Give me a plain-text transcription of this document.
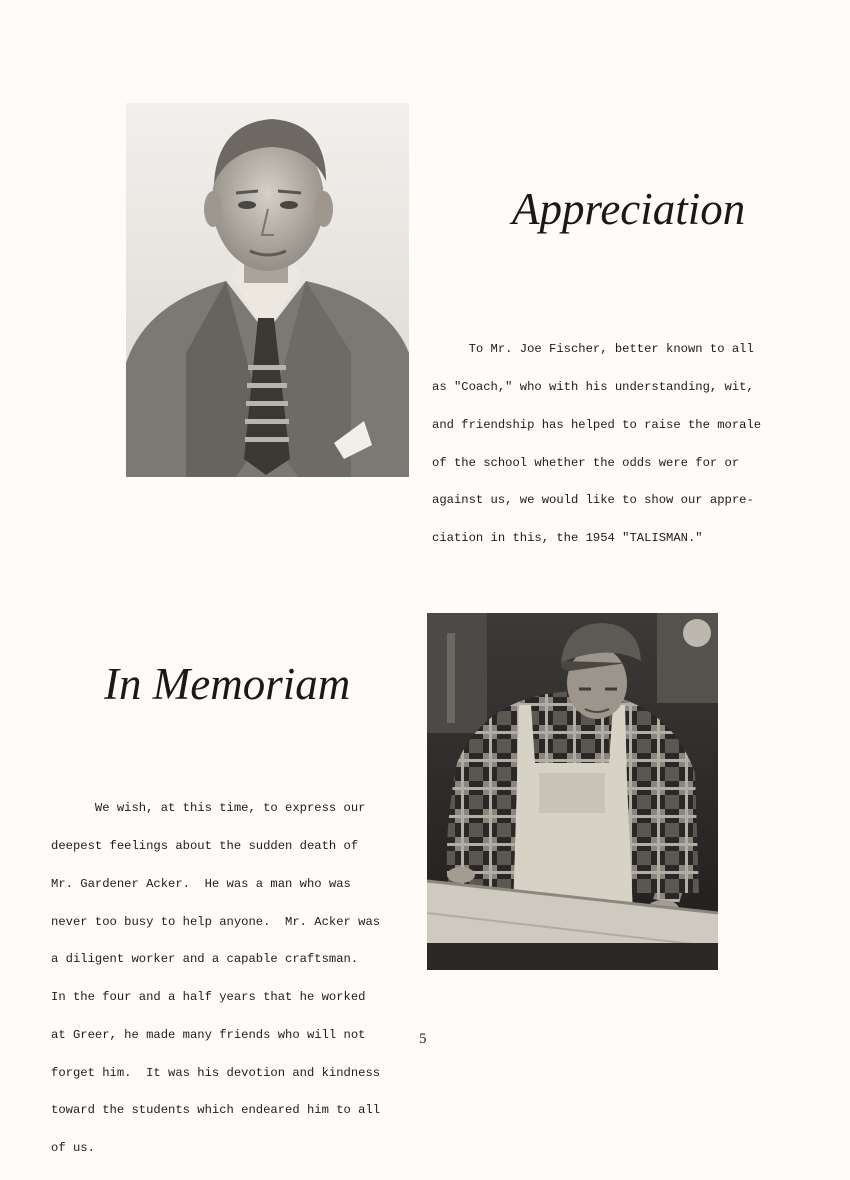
Appreciation

To Mr. Joe Fischer, better known to all

as "Coach," who with his understanding, wit,

and friendship has helped to raise the morale

of the school whether the odds were for or

against us, we would like to show our appre-

ciation in this, the 1954 "TALISMAN."

In Memoriam

We wish, at this time, to express our

deepest feelings about the sudden death of

Mr. Gardener Acker.  He was a man who was

never too busy to help anyone.  Mr. Acker was

a diligent worker and a capable craftsman.

In the four and a half years that he worked

at Greer, he made many friends who will not

forget him.  It was his devotion and kindness

toward the students which endeared him to all

of us.

5
